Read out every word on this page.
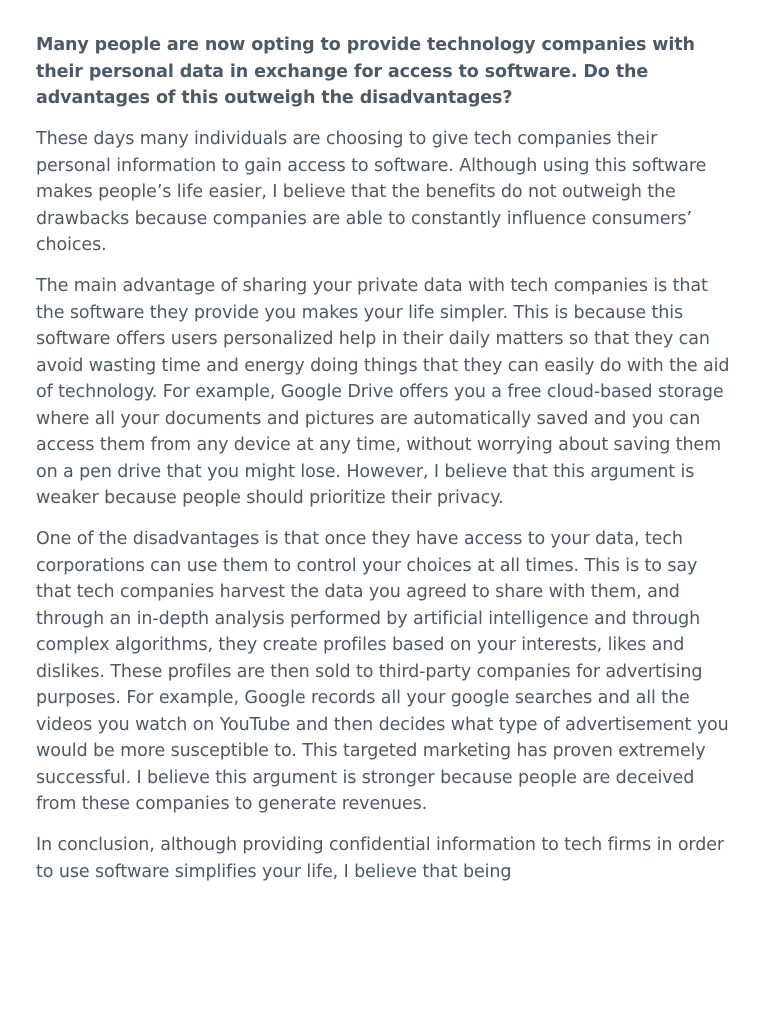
Many people are now opting to provide technology companies with their personal data in exchange for access to software. Do the advantages of this outweigh the disadvantages?

These days many individuals are choosing to give tech companies their personal information to gain access to software. Although using this software makes people’s life easier, I believe that the benefits do not outweigh the drawbacks because companies are able to constantly influence consumers’ choices.

The main advantage of sharing your private data with tech companies is that the software they provide you makes your life simpler. This is because this software offers users personalized help in their daily matters so that they can avoid wasting time and energy doing things that they can easily do with the aid of technology. For example, Google Drive offers you a free cloud-based storage where all your documents and pictures are automatically saved and you can access them from any device at any time, without worrying about saving them on a pen drive that you might lose. However, I believe that this argument is weaker because people should prioritize their privacy.

One of the disadvantages is that once they have access to your data, tech corporations can use them to control your choices at all times. This is to say that tech companies harvest the data you agreed to share with them, and through an in-depth analysis performed by artificial intelligence and through complex algorithms, they create profiles based on your interests, likes and dislikes. These profiles are then sold to third-party companies for advertising purposes. For example, Google records all your google searches and all the videos you watch on YouTube and then decides what type of advertisement you would be more susceptible to. This targeted marketing has proven extremely successful. I believe this argument is stronger because people are deceived from these companies to generate revenues.

In conclusion, although providing confidential information to tech firms in order to use software simplifies your life, I believe that being
